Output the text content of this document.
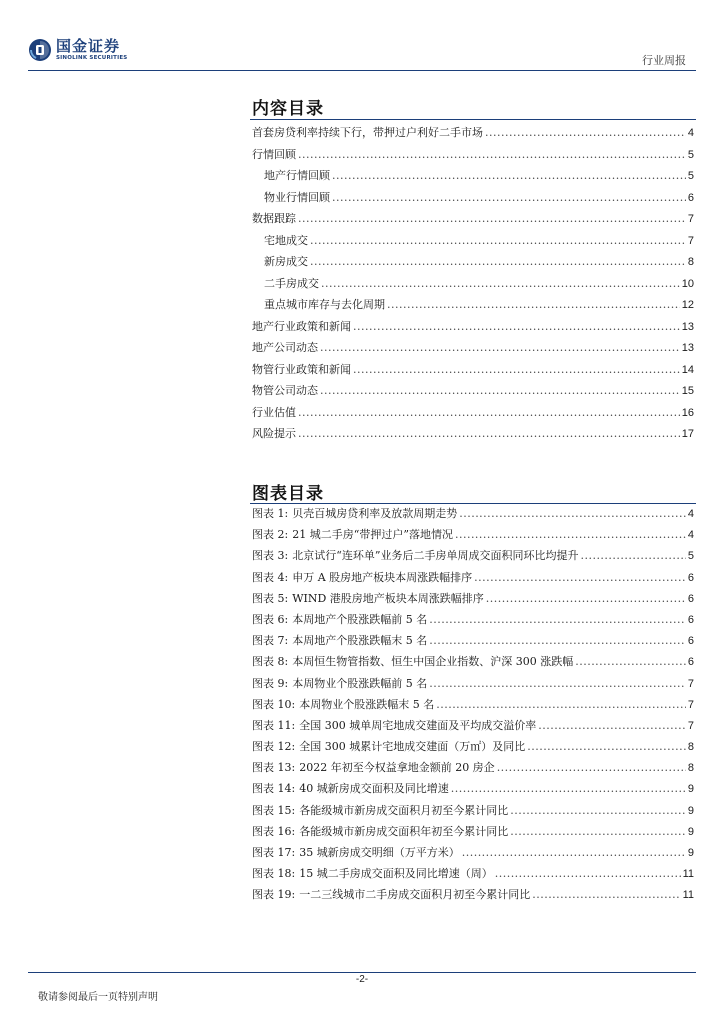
国金证券
SINOLINK SECURITIES	行业周报
内容目录
首套房贷利率持续下行，带押过户利好二手市场 .....	4
行情回顾 .....	5
地产行情回顾 .....	5
物业行情回顾 .....	6
数据跟踪 .....	7
宅地成交 .....	7
新房成交 .....	8
二手房成交 .....	10
重点城市库存与去化周期 .....	12
地产行业政策和新闻 .....	13
地产公司动态 .....	13
物管行业政策和新闻 .....	14
物管公司动态 .....	15
行业估值 .....	16
风险提示 .....	17
图表目录
图表 1: 贝壳百城房贷利率及放款周期走势 .....	4
图表 2: 21 城二手房“带押过户”落地情况 .....	4
图表 3: 北京试行“连环单”业务后二手房单周成交面积同环比均提升 .....	5
图表 4: 申万 A 股房地产板块本周涨跌幅排序 .....	6
图表 5: WIND 港股房地产板块本周涨跌幅排序 .....	6
图表 6: 本周地产个股涨跌幅前 5 名 .....	6
图表 7: 本周地产个股涨跌幅末 5 名 .....	6
图表 8: 本周恒生物管指数、恒生中国企业指数、沪深 300 涨跌幅 .....	6
图表 9: 本周物业个股涨跌幅前 5 名 .....	7
图表 10: 本周物业个股涨跌幅末 5 名 .....	7
图表 11: 全国 300 城单周宅地成交建面及平均成交溢价率 .....	7
图表 12: 全国 300 城累计宅地成交建面（万㎡）及同比 .....	8
图表 13: 2022 年初至今权益拿地金额前 20 房企 .....	8
图表 14: 40 城新房成交面积及同比增速 .....	9
图表 15: 各能级城市新房成交面积月初至今累计同比 .....	9
图表 16: 各能级城市新房成交面积年初至今累计同比 .....	9
图表 17: 35 城新房成交明细（万平方米） .....	9
图表 18: 15 城二手房成交面积及同比增速（周） .....	11
图表 19: 一二三线城市二手房成交面积月初至今累计同比 .....	11
-2-
敬请参阅最后一页特别声明
